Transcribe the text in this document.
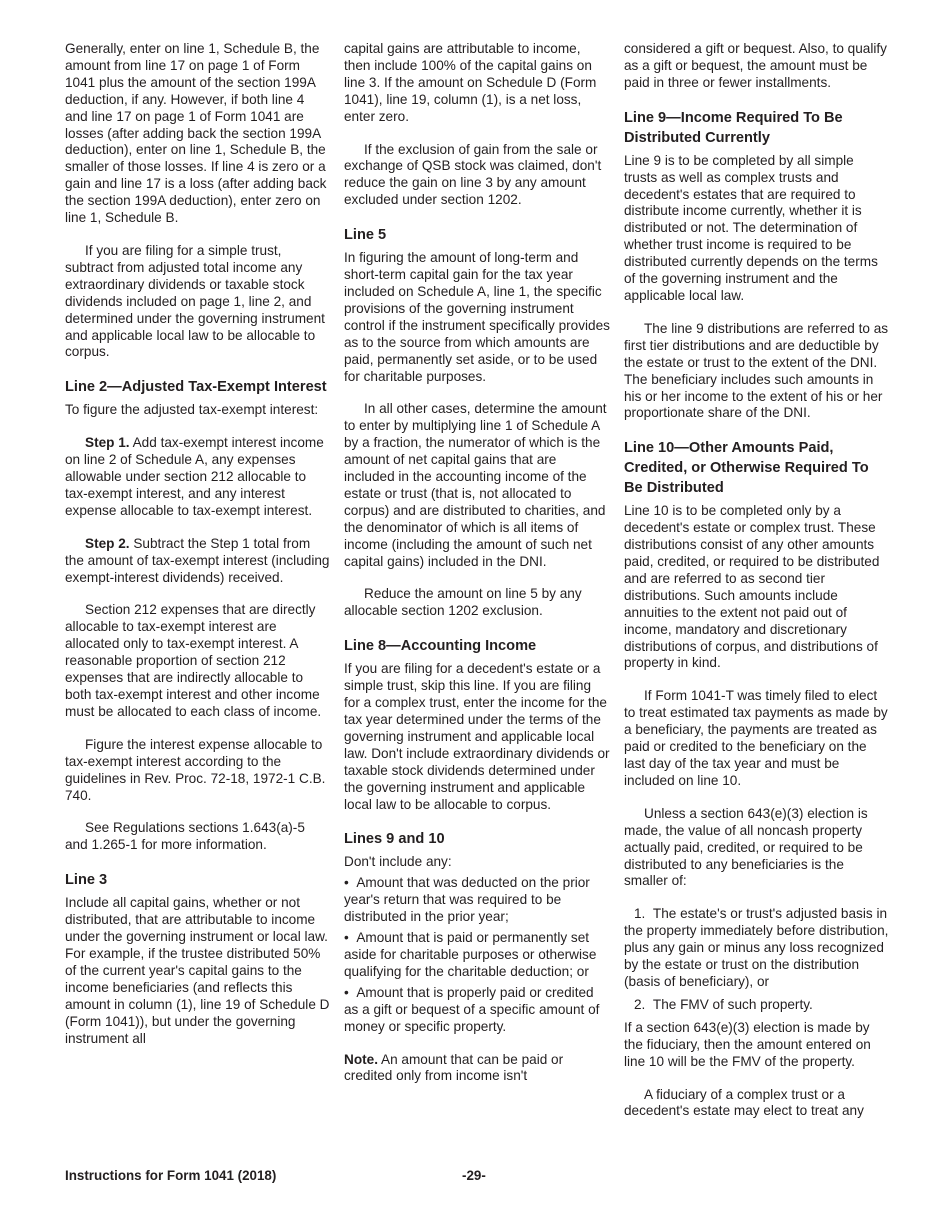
Generally, enter on line 1, Schedule B, the amount from line 17 on page 1 of Form 1041 plus the amount of the section 199A deduction, if any. However, if both line 4 and line 17 on page 1 of Form 1041 are losses (after adding back the section 199A deduction), enter on line 1, Schedule B, the smaller of those losses. If line 4 is zero or a gain and line 17 is a loss (after adding back the section 199A deduction), enter zero on line 1, Schedule B.

If you are filing for a simple trust, subtract from adjusted total income any extraordinary dividends or taxable stock dividends included on page 1, line 2, and determined under the governing instrument and applicable local law to be allocable to corpus.

Line 2—Adjusted Tax-Exempt Interest

To figure the adjusted tax-exempt interest:

Step 1. Add tax-exempt interest income on line 2 of Schedule A, any expenses allowable under section 212 allocable to tax-exempt interest, and any interest expense allocable to tax-exempt interest.

Step 2. Subtract the Step 1 total from the amount of tax-exempt interest (including exempt-interest dividends) received.

Section 212 expenses that are directly allocable to tax-exempt interest are allocated only to tax-exempt interest. A reasonable proportion of section 212 expenses that are indirectly allocable to both tax-exempt interest and other income must be allocated to each class of income.

Figure the interest expense allocable to tax-exempt interest according to the guidelines in Rev. Proc. 72-18, 1972-1 C.B. 740.

See Regulations sections 1.643(a)-5 and 1.265-1 for more information.

Line 3

Include all capital gains, whether or not distributed, that are attributable to income under the governing instrument or local law. For example, if the trustee distributed 50% of the current year's capital gains to the income beneficiaries (and reflects this amount in column (1), line 19 of Schedule D (Form 1041)), but under the governing instrument all

capital gains are attributable to income, then include 100% of the capital gains on line 3. If the amount on Schedule D (Form 1041), line 19, column (1), is a net loss, enter zero.

If the exclusion of gain from the sale or exchange of QSB stock was claimed, don't reduce the gain on line 3 by any amount excluded under section 1202.

Line 5

In figuring the amount of long-term and short-term capital gain for the tax year included on Schedule A, line 1, the specific provisions of the governing instrument control if the instrument specifically provides as to the source from which amounts are paid, permanently set aside, or to be used for charitable purposes.

In all other cases, determine the amount to enter by multiplying line 1 of Schedule A by a fraction, the numerator of which is the amount of net capital gains that are included in the accounting income of the estate or trust (that is, not allocated to corpus) and are distributed to charities, and the denominator of which is all items of income (including the amount of such net capital gains) included in the DNI.

Reduce the amount on line 5 by any allocable section 1202 exclusion.

Line 8—Accounting Income

If you are filing for a decedent's estate or a simple trust, skip this line. If you are filing for a complex trust, enter the income for the tax year determined under the terms of the governing instrument and applicable local law. Don't include extraordinary dividends or taxable stock dividends determined under the governing instrument and applicable local law to be allocable to corpus.

Lines 9 and 10

Don't include any:

•  Amount that was deducted on the prior year's return that was required to be distributed in the prior year;

•  Amount that is paid or permanently set aside for charitable purposes or otherwise qualifying for the charitable deduction; or

•  Amount that is properly paid or credited as a gift or bequest of a specific amount of money or specific property.

Note. An amount that can be paid or credited only from income isn't

considered a gift or bequest. Also, to qualify as a gift or bequest, the amount must be paid in three or fewer installments.

Line 9—Income Required To Be Distributed Currently

Line 9 is to be completed by all simple trusts as well as complex trusts and decedent's estates that are required to distribute income currently, whether it is distributed or not. The determination of whether trust income is required to be distributed currently depends on the terms of the governing instrument and the applicable local law.

The line 9 distributions are referred to as first tier distributions and are deductible by the estate or trust to the extent of the DNI. The beneficiary includes such amounts in his or her income to the extent of his or her proportionate share of the DNI.

Line 10—Other Amounts Paid, Credited, or Otherwise Required To Be Distributed

Line 10 is to be completed only by a decedent's estate or complex trust. These distributions consist of any other amounts paid, credited, or required to be distributed and are referred to as second tier distributions. Such amounts include annuities to the extent not paid out of income, mandatory and discretionary distributions of corpus, and distributions of property in kind.

If Form 1041-T was timely filed to elect to treat estimated tax payments as made by a beneficiary, the payments are treated as paid or credited to the beneficiary on the last day of the tax year and must be included on line 10.

Unless a section 643(e)(3) election is made, the value of all noncash property actually paid, credited, or required to be distributed to any beneficiaries is the smaller of:

1.  The estate's or trust's adjusted basis in the property immediately before distribution, plus any gain or minus any loss recognized by the estate or trust on the distribution (basis of beneficiary), or

2.  The FMV of such property.

If a section 643(e)(3) election is made by the fiduciary, then the amount entered on line 10 will be the FMV of the property.

A fiduciary of a complex trust or a decedent's estate may elect to treat any

Instructions for Form 1041 (2018)	-29-
